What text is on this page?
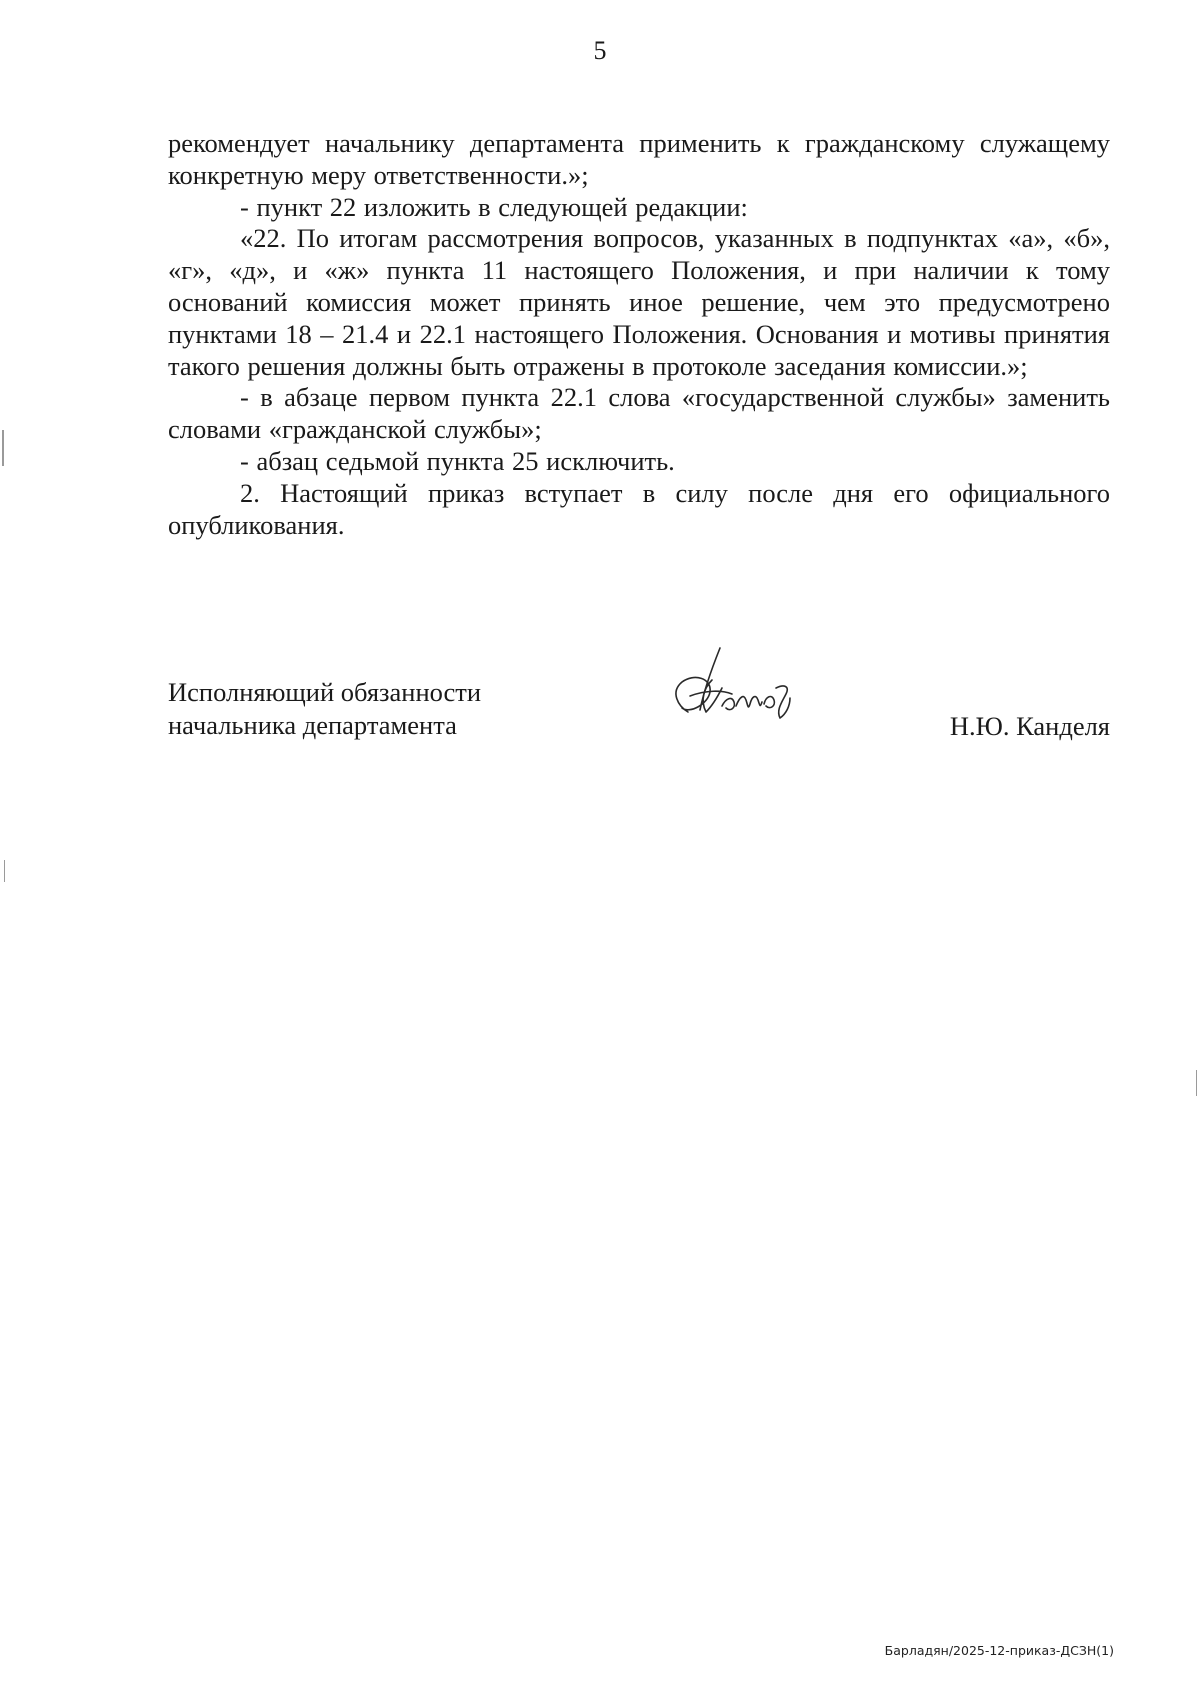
5

рекомендует начальнику департамента применить к гражданскому служащему конкретную меру ответственности.»;

- пункт 22 изложить в следующей редакции:

«22. По итогам рассмотрения вопросов, указанных в подпунктах «а», «б», «г», «д», и «ж» пункта 11 настоящего Положения, и при наличии к тому оснований комиссия может принять иное решение, чем это предусмотрено пунктами 18 – 21.4 и 22.1 настоящего Положения. Основания и мотивы принятия такого решения должны быть отражены в протоколе заседания комиссии.»;

- в абзаце первом пункта 22.1 слова «государственной службы» заменить словами «гражданской службы»;

- абзац седьмой пункта 25 исключить.

2. Настоящий приказ вступает в силу после дня его официального опубликования.

Исполняющий обязанности
начальника департамента	Н.Ю. Канделя
Барладян/2025-12-приказ-ДСЗН(1)
